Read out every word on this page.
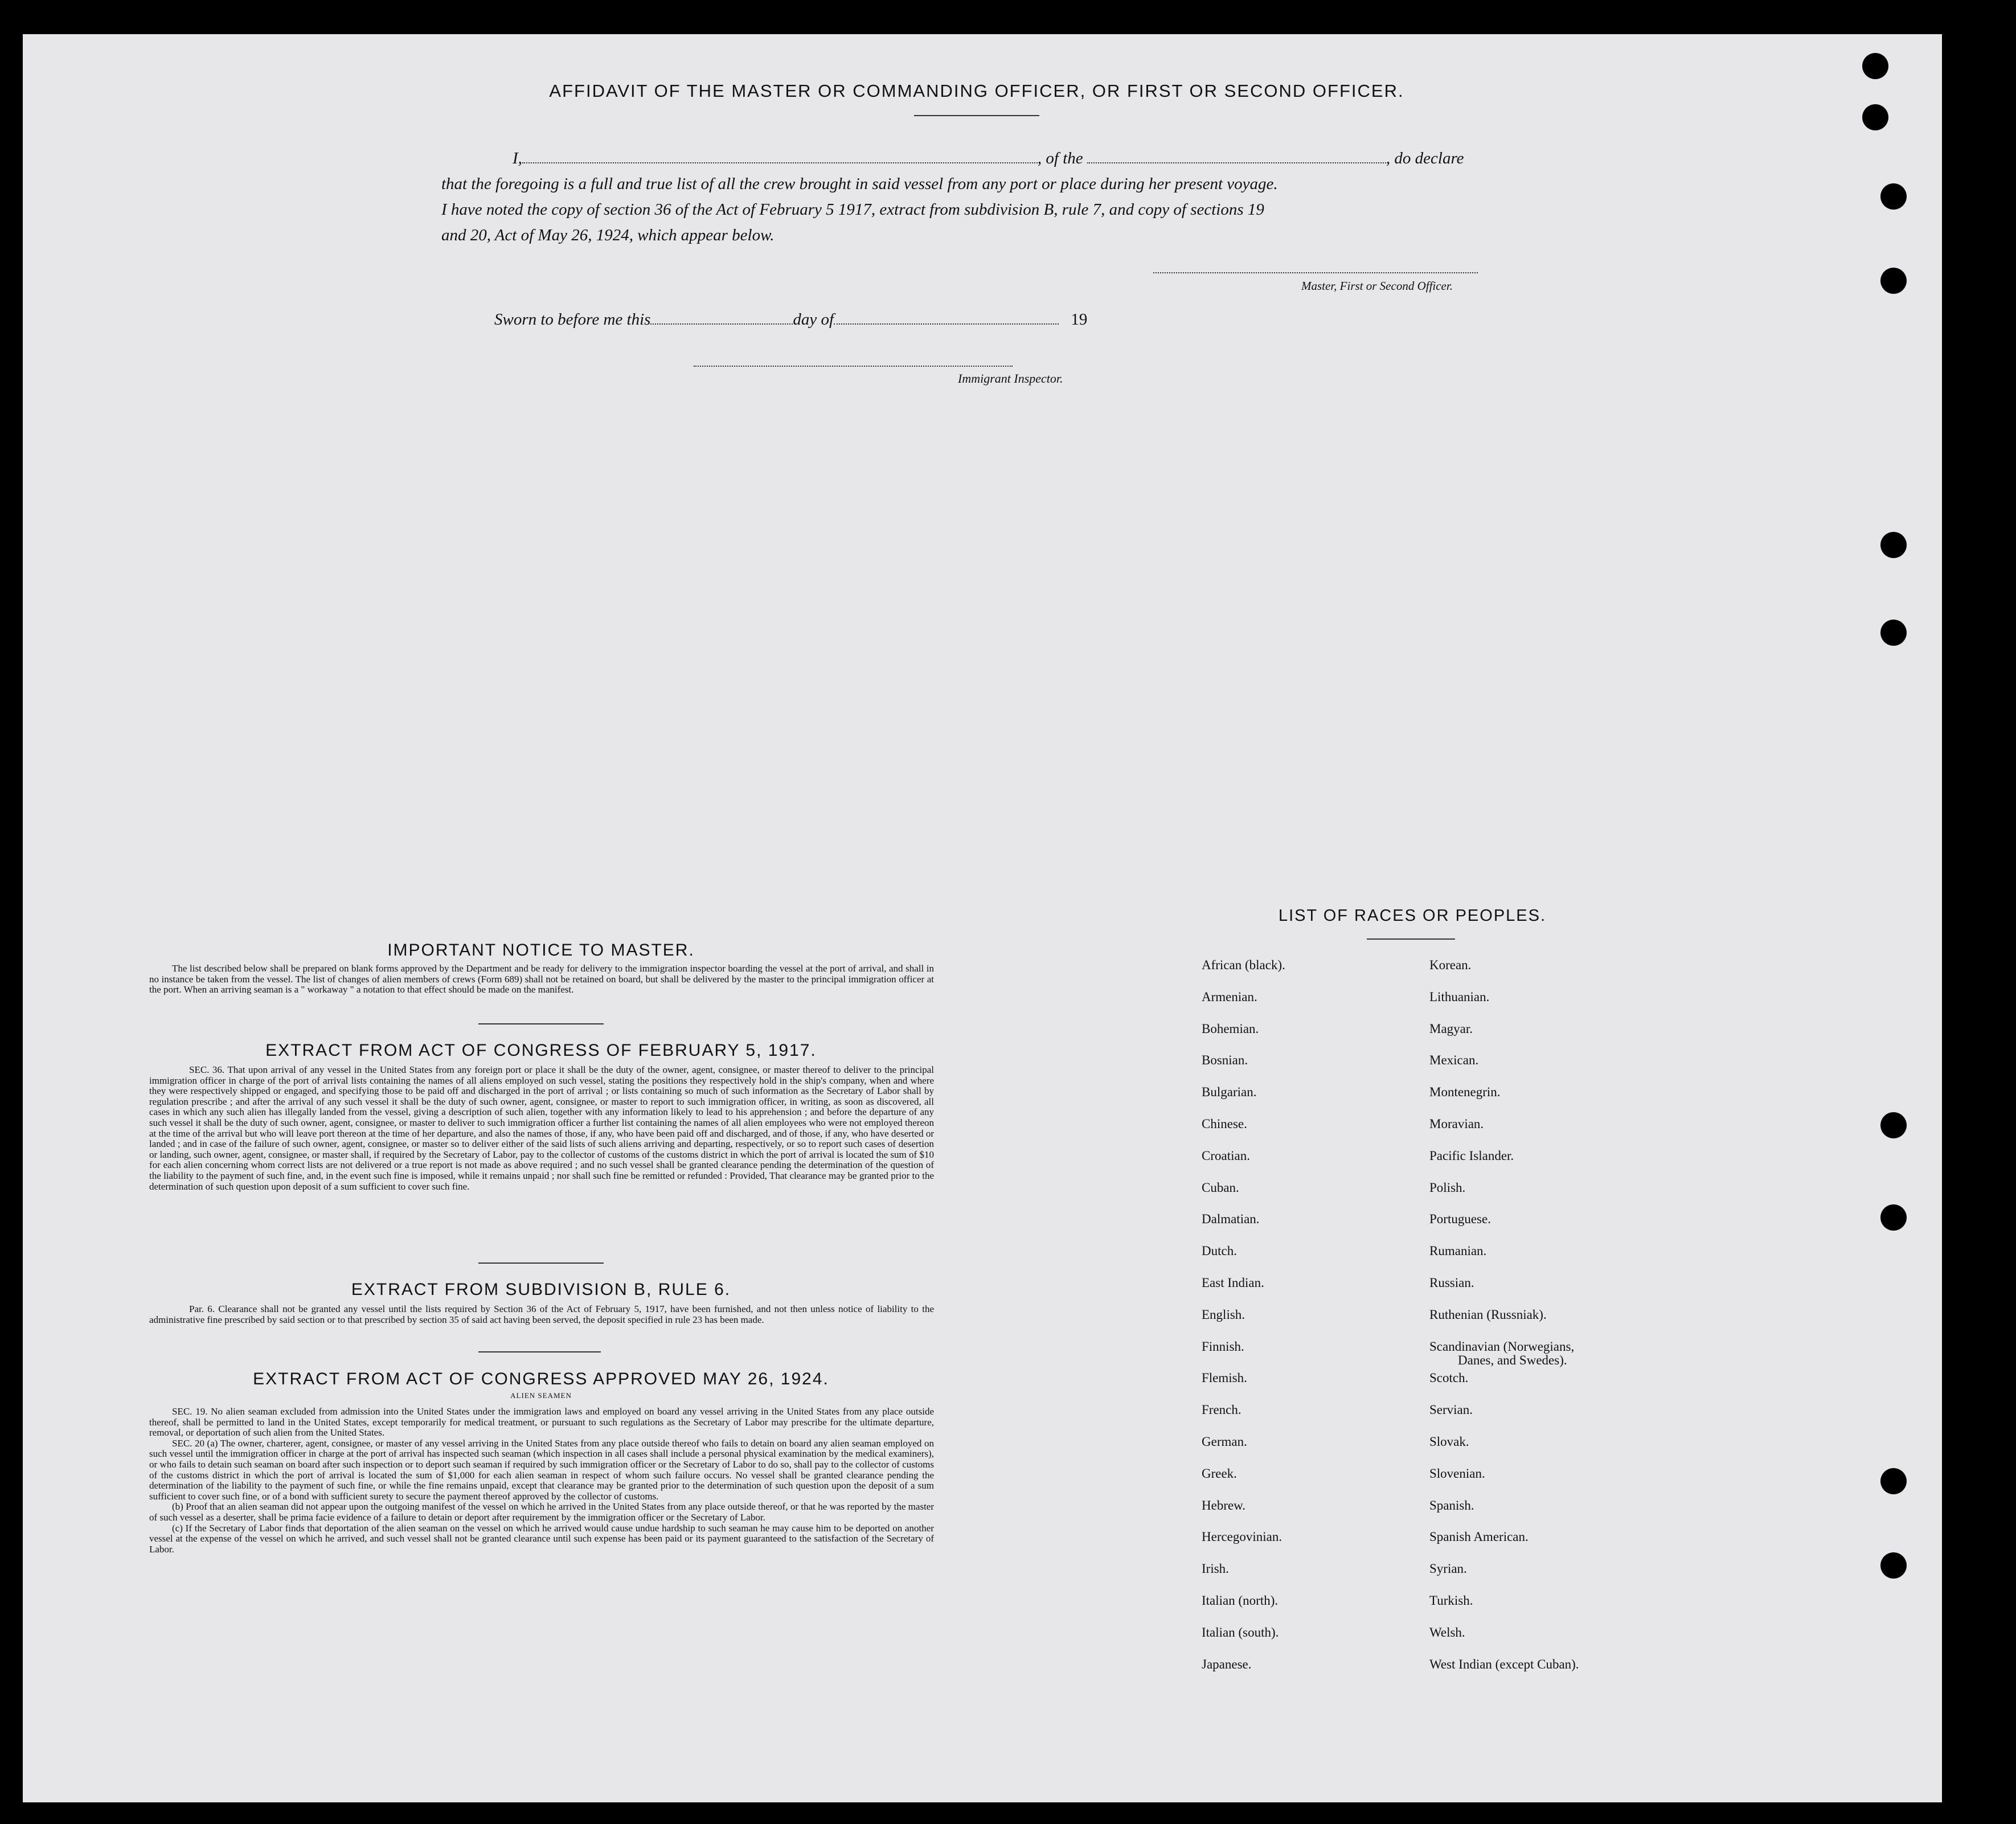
AFFIDAVIT OF THE MASTER OR COMMANDING OFFICER, OR FIRST OR SECOND OFFICER.
I,	, of the	, do declare
that the foregoing is a full and true list of all the crew brought in said vessel from any port or place during her present voyage.
I have noted the copy of section 36 of the Act of February 5 1917, extract from subdivision B, rule 7, and copy of sections 19
and 20, Act of May 26, 1924, which appear below.
Master, First or Second Officer.
Sworn to before me this	day of	19
Immigrant Inspector.
IMPORTANT NOTICE TO MASTER.

The list described below shall be prepared on blank forms approved by the Department and be ready for delivery to the immigration inspector boarding the vessel at the port of arrival, and shall in no instance be taken from the vessel. The list of changes of alien members of crews (Form 689) shall not be retained on board, but shall be delivered by the master to the principal immigration officer at the port. When an arriving seaman is a " workaway " a notation to that effect should be made on the manifest.

EXTRACT FROM ACT OF CONGRESS OF FEBRUARY 5, 1917.

SEC. 36. That upon arrival of any vessel in the United States from any foreign port or place it shall be the duty of the owner, agent, consignee, or master thereof to deliver to the principal immigration officer in charge of the port of arrival lists containing the names of all aliens employed on such vessel, stating the positions they respectively hold in the ship's company, when and where they were respectively shipped or engaged, and specifying those to be paid off and discharged in the port of arrival ; or lists containing so much of such information as the Secretary of Labor shall by regulation prescribe ; and after the arrival of any such vessel it shall be the duty of such owner, agent, consignee, or master to report to such immigration officer, in writing, as soon as discovered, all cases in which any such alien has illegally landed from the vessel, giving a description of such alien, together with any information likely to lead to his apprehension ; and before the departure of any such vessel it shall be the duty of such owner, agent, consignee, or master to deliver to such immigration officer a further list containing the names of all alien employees who were not employed thereon at the time of the arrival but who will leave port thereon at the time of her departure, and also the names of those, if any, who have been paid off and discharged, and of those, if any, who have deserted or landed ; and in case of the failure of such owner, agent, consignee, or master so to deliver either of the said lists of such aliens arriving and departing, respectively, or so to report such cases of desertion or landing, such owner, agent, consignee, or master shall, if required by the Secretary of Labor, pay to the collector of customs of the customs district in which the port of arrival is located the sum of $10 for each alien concerning whom correct lists are not delivered or a true report is not made as above required ; and no such vessel shall be granted clearance pending the determination of the question of the liability to the payment of such fine, and, in the event such fine is imposed, while it remains unpaid ; nor shall such fine be remitted or refunded : Provided, That clearance may be granted prior to the determination of such question upon deposit of a sum sufficient to cover such fine.

EXTRACT FROM SUBDIVISION B, RULE 6.

Par. 6. Clearance shall not be granted any vessel until the lists required by Section 36 of the Act of February 5, 1917, have been furnished, and not then unless notice of liability to the administrative fine prescribed by said section or to that prescribed by section 35 of said act having been served, the deposit specified in rule 23 has been made.

EXTRACT FROM ACT OF CONGRESS APPROVED MAY 26, 1924.
ALIEN SEAMEN

SEC. 19. No alien seaman excluded from admission into the United States under the immigration laws and employed on board any vessel arriving in the United States from any place outside thereof, shall be permitted to land in the United States, except temporarily for medical treatment, or pursuant to such regulations as the Secretary of Labor may prescribe for the ultimate departure, removal, or deportation of such alien from the United States.

SEC. 20 (a) The owner, charterer, agent, consignee, or master of any vessel arriving in the United States from any place outside thereof who fails to detain on board any alien seaman employed on such vessel until the immigration officer in charge at the port of arrival has inspected such seaman (which inspection in all cases shall include a personal physical examination by the medical examiners), or who fails to detain such seaman on board after such inspection or to deport such seaman if required by such immigration officer or the Secretary of Labor to do so, shall pay to the collector of customs of the customs district in which the port of arrival is located the sum of $1,000 for each alien seaman in respect of whom such failure occurs. No vessel shall be granted clearance pending the determination of the liability to the payment of such fine, or while the fine remains unpaid, except that clearance may be granted prior to the determination of such question upon the deposit of a sum sufficient to cover such fine, or of a bond with sufficient surety to secure the payment thereof approved by the collector of customs.

(b) Proof that an alien seaman did not appear upon the outgoing manifest of the vessel on which he arrived in the United States from any place outside thereof, or that he was reported by the master of such vessel as a deserter, shall be prima facie evidence of a failure to detain or deport after requirement by the immigration officer or the Secretary of Labor.

(c) If the Secretary of Labor finds that deportation of the alien seaman on the vessel on which he arrived would cause undue hardship to such seaman he may cause him to be deported on another vessel at the expense of the vessel on which he arrived, and such vessel shall not be granted clearance until such expense has been paid or its payment guaranteed to the satisfaction of the Secretary of Labor.

LIST OF RACES OR PEOPLES.
African (black).
Armenian.
Bohemian.
Bosnian.
Bulgarian.
Chinese.
Croatian.
Cuban.
Dalmatian.
Dutch.
East Indian.
English.
Finnish.
Flemish.
French.
German.
Greek.
Hebrew.
Hercegovinian.
Irish.
Italian (north).
Italian (south).
Japanese.
Korean.
Lithuanian.
Magyar.
Mexican.
Montenegrin.
Moravian.
Pacific Islander.
Polish.
Portuguese.
Rumanian.
Russian.
Ruthenian (Russniak).
Scandinavian (Norwegians,
Danes, and Swedes).
Scotch.
Servian.
Slovak.
Slovenian.
Spanish.
Spanish American.
Syrian.
Turkish.
Welsh.
West Indian (except Cuban).
